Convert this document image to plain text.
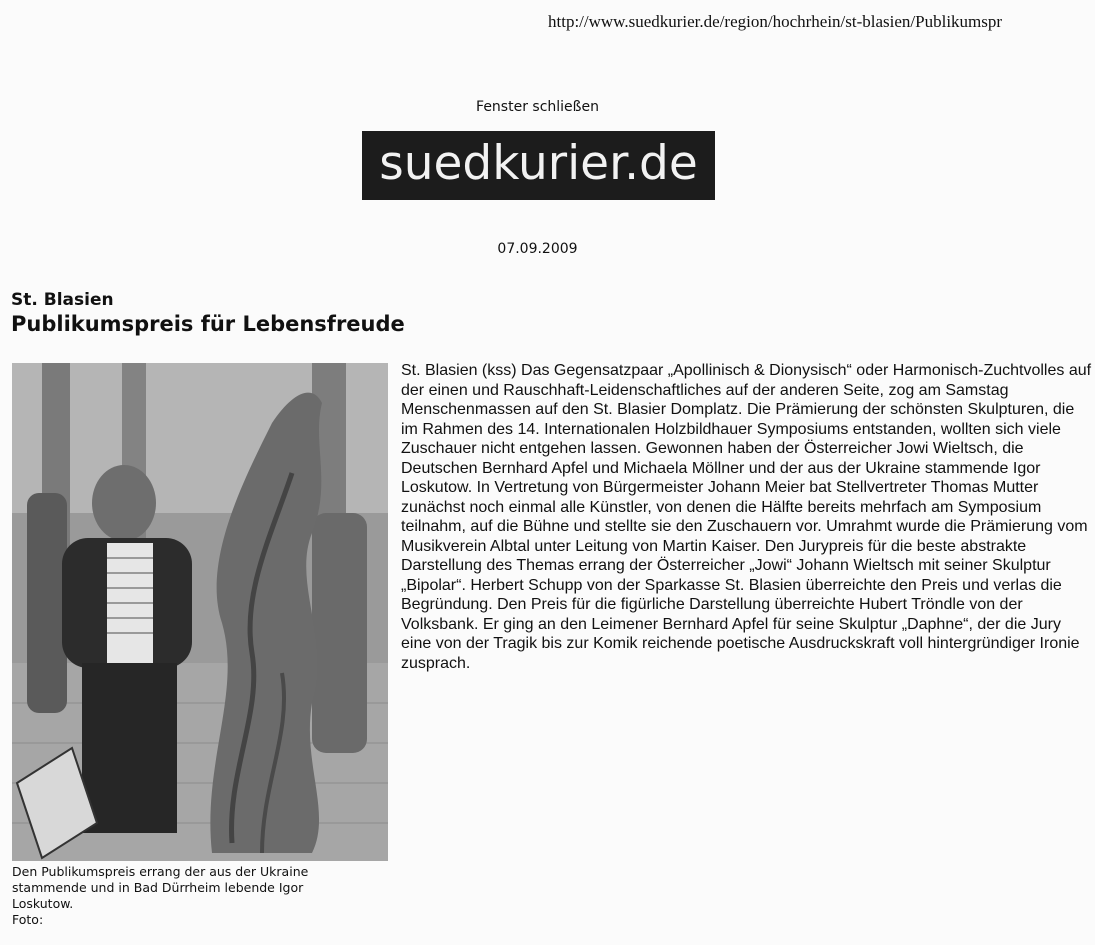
http://www.suedkurier.de/region/hochrhein/st-blasien/Publikumspr
Fenster schließen
suedkurier.de
07.09.2009
St. Blasien
Publikumspreis für Lebensfreude
Den Publikumspreis errang der aus der Ukraine stammende und in Bad Dürrheim lebende Igor Loskutow.
Foto:
St. Blasien (kss) Das Gegensatzpaar „Apollinisch & Dionysisch“ oder Harmonisch-Zuchtvolles auf der einen und Rauschhaft-Leidenschaftliches auf der anderen Seite, zog am Samstag Menschenmassen auf den St. Blasier Domplatz. Die Prämierung der schönsten Skulpturen, die im Rahmen des 14. Internationalen Holzbildhauer Symposiums entstanden, wollten sich viele Zuschauer nicht entgehen lassen. Gewonnen haben der Österreicher Jowi Wieltsch, die Deutschen Bernhard Apfel und Michaela Möllner und der aus der Ukraine stammende Igor Loskutow. In Vertretung von Bürgermeister Johann Meier bat Stellvertreter Thomas Mutter zunächst noch einmal alle Künstler, von denen die Hälfte bereits mehrfach am Symposium teilnahm, auf die Bühne und stellte sie den Zuschauern vor. Umrahmt wurde die Prämierung vom Musikverein Albtal unter Leitung von Martin Kaiser. Den Jurypreis für die beste abstrakte Darstellung des Themas errang der Österreicher „Jowi“ Johann Wieltsch mit seiner Skulptur „Bipolar“. Herbert Schupp von der Sparkasse St. Blasien überreichte den Preis und verlas die Begründung. Den Preis für die figürliche Darstellung überreichte Hubert Tröndle von der Volksbank. Er ging an den Leimener Bernhard Apfel für seine Skulptur „Daphne“, der die Jury eine von der Tragik bis zur Komik reichende poetische Ausdruckskraft voll hintergründiger Ironie zusprach.
